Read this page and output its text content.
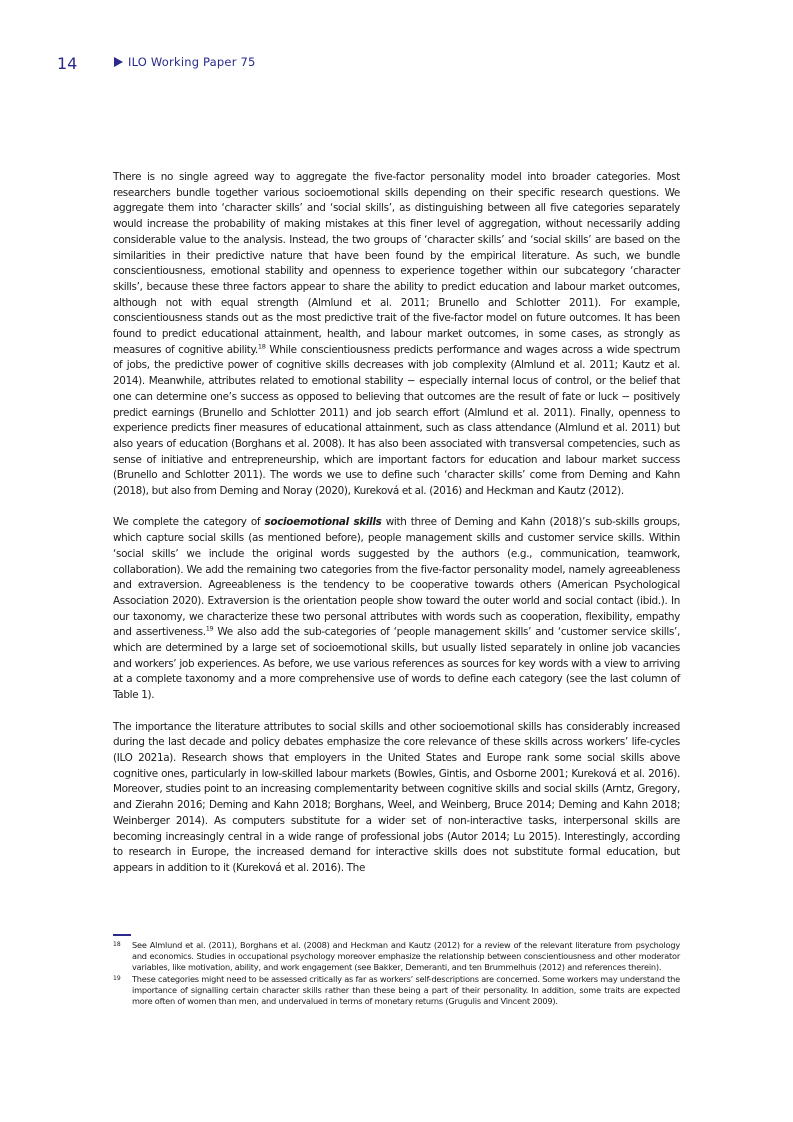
14	ILO Working Paper 75

There is no single agreed way to aggregate the five-factor personality model into broader categories. Most researchers bundle together various socioemotional skills depending on their specific research questions. We aggregate them into ‘character skills’ and ‘social skills’, as distinguishing between all five categories separately would increase the probability of making mistakes at this finer level of aggregation, without necessarily adding considerable value to the analysis. Instead, the two groups of ‘character skills’ and ‘social skills’ are based on the similarities in their predictive nature that have been found by the empirical literature. As such, we bundle conscientiousness, emotional stability and openness to experience together within our subcategory ‘character skills’, because these three factors appear to share the ability to predict education and labour market outcomes, although not with equal strength (Almlund et al. 2011; Brunello and Schlotter 2011). For example, conscientiousness stands out as the most predictive trait of the five-factor model on future outcomes. It has been found to predict educational attainment, health, and labour market outcomes, in some cases, as strongly as measures of cognitive ability.$^{18}$ While conscientiousness predicts performance and wages across a wide spectrum of jobs, the predictive power of cognitive skills decreases with job complexity (Almlund et al. 2011; Kautz et al. 2014). Meanwhile, attributes related to emotional stability − especially internal locus of control, or the belief that one can determine one’s success as opposed to believing that outcomes are the result of fate or luck − positively predict earnings (Brunello and Schlotter 2011) and job search effort (Almlund et al. 2011). Finally, openness to experience predicts finer measures of educational attainment, such as class attendance (Almlund et al. 2011) but also years of education (Borghans et al. 2008). It has also been associated with transversal competencies, such as sense of initiative and entrepreneurship, which are important factors for education and labour market success (Brunello and Schlotter 2011). The words we use to define such ‘character skills’ come from Deming and Kahn (2018), but also from Deming and Noray (2020), Kureková et al. (2016) and Heckman and Kautz (2012).

We complete the category of socioemotional skills with three of Deming and Kahn (2018)’s sub-skills groups, which capture social skills (as mentioned before), people management skills and customer service skills. Within ‘social skills’ we include the original words suggested by the authors (e.g., communication, teamwork, collaboration). We add the remaining two categories from the five-factor personality model, namely agreeableness and extraversion. Agreeableness is the tendency to be cooperative towards others (American Psychological Association 2020). Extraversion is the orientation people show toward the outer world and social contact (ibid.). In our taxonomy, we characterize these two personal attributes with words such as cooperation, flexibility, empathy and assertiveness.$^{19}$ We also add the sub-categories of ‘people management skills’ and ‘customer service skills’, which are determined by a large set of socioemotional skills, but usually listed separately in online job vacancies and workers’ job experiences. As before, we use various references as sources for key words with a view to arriving at a complete taxonomy and a more comprehensive use of words to define each category (see the last column of Table 1).

The importance the literature attributes to social skills and other socioemotional skills has considerably increased during the last decade and policy debates emphasize the core relevance of these skills across workers’ life-cycles (ILO 2021a). Research shows that employers in the United States and Europe rank some social skills above cognitive ones, particularly in low-skilled labour markets (Bowles, Gintis, and Osborne 2001; Kureková et al. 2016). Moreover, studies point to an increasing complementarity between cognitive skills and social skills (Arntz, Gregory, and Zierahn 2016; Deming and Kahn 2018; Borghans, Weel, and Weinberg, Bruce 2014; Deming and Kahn 2018; Weinberger 2014). As computers substitute for a wider set of non-interactive tasks, interpersonal skills are becoming increasingly central in a wide range of professional jobs (Autor 2014; Lu 2015). Interestingly, according to research in Europe, the increased demand for interactive skills does not substitute formal education, but appears in addition to it (Kureková et al. 2016). The

18 See Almlund et al. (2011), Borghans et al. (2008) and Heckman and Kautz (2012) for a review of the relevant literature from psychology and economics. Studies in occupational psychology moreover emphasize the relationship between conscientiousness and other moderator variables, like motivation, ability, and work engagement (see Bakker, Demeranti, and ten Brummelhuis (2012) and references therein).
19 These categories might need to be assessed critically as far as workers’ self-descriptions are concerned. Some workers may understand the importance of signalling certain character skills rather than these being a part of their personality. In addition, some traits are expected more often of women than men, and undervalued in terms of monetary returns (Grugulis and Vincent 2009).
